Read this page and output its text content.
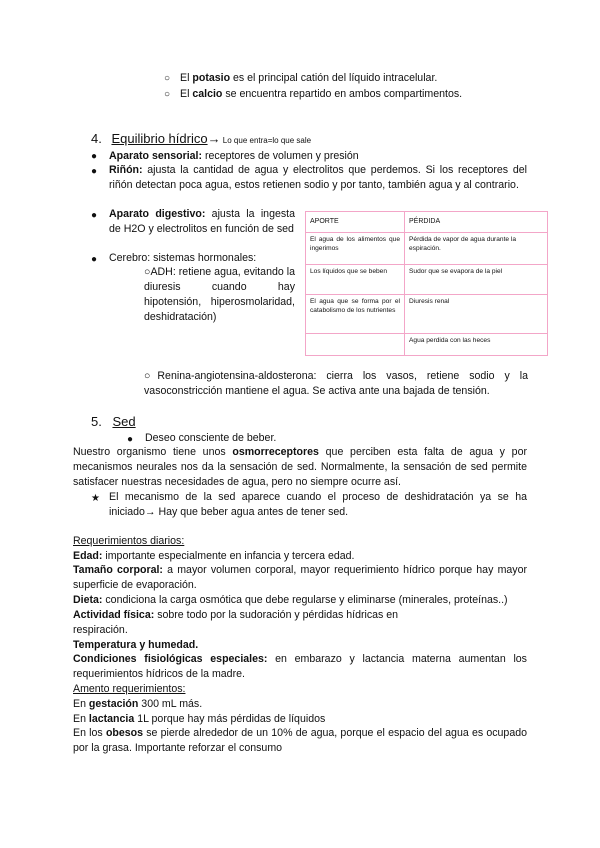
○ El potasio es el principal catión del líquido intracelular.
○ El calcio se encuentra repartido en ambos compartimentos.
4. Equilibrio hídrico→ Lo que entra=lo que sale
● Aparato sensorial: receptores de volumen y presión
● Riñón: ajusta la cantidad de agua y electrolitos que perdemos. Si los receptores del riñón detectan poca agua, estos retienen sodio y por tanto, también agua y al contrario.
● Aparato digestivo: ajusta la ingesta de H2O y electrolitos en función de sed
● Cerebro: sistemas hormonales:
○ADH: retiene agua, evitando la diuresis cuando hay hipotensión, hiperosmolaridad, deshidratación)
APORTE	PÉRDIDA
El agua de los alimentos que ingerimos	Pérdida de vapor de agua durante la espiración.
Los líquidos que se beben	Sudor que se evapora de la piel
El agua que se forma por el catabolismo de los nutrientes	Diuresis renal
	Agua perdida con las heces
○Renina-angiotensina-aldosterona: cierra los vasos, retiene sodio y la vasoconstricción mantiene el agua. Se activa ante una bajada de tensión.
5. Sed
● Deseo consciente de beber.
Nuestro organismo tiene unos osmorreceptores que perciben esta falta de agua y por mecanismos neurales nos da la sensación de sed. Normalmente, la sensación de sed permite satisfacer nuestras necesidades de agua, pero no siempre ocurre así.
★ El mecanismo de la sed aparece cuando el proceso de deshidratación ya se ha iniciado→ Hay que beber agua antes de tener sed.
Requerimientos diarios:
Edad: importante especialmente en infancia y tercera edad.
Tamaño corporal: a mayor volumen corporal, mayor requerimiento hídrico porque hay mayor superficie de evaporación.
Dieta: condiciona la carga osmótica que debe regularse y eliminarse (minerales, proteínas..)
Actividad física: sobre todo por la sudoración y pérdidas hídricas en
respiración.
Temperatura y humedad.
Condiciones fisiológicas especiales: en embarazo y lactancia materna aumentan los requerimientos hídricos de la madre.
Amento requerimientos:
En gestación 300 mL más.
En lactancia 1L porque hay más pérdidas de líquidos
En los obesos se pierde alrededor de un 10% de agua, porque el espacio del agua es ocupado por la grasa. Importante reforzar el consumo
